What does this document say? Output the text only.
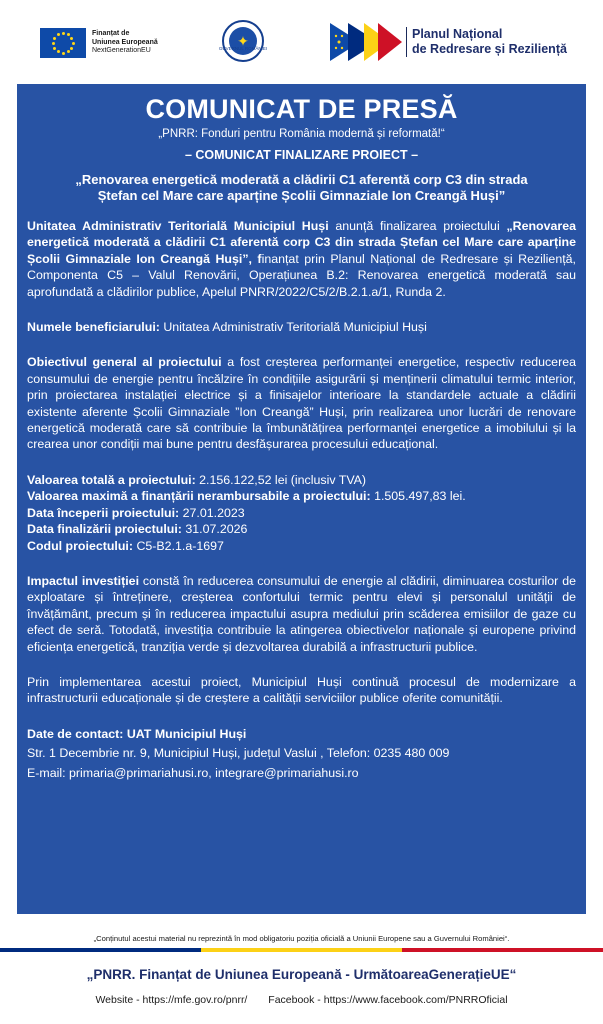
Finanțat de
Uniunea Europeană
NextGenerationEU
✦
GUVERNUL ROMÂNIEI
Planul Național
de Redresare și Reziliență
COMUNICAT DE PRESĂ
„PNRR: Fonduri pentru România modernă și reformată!“
– COMUNICAT FINALIZARE PROIECT –
„Renovarea energetică moderată a clădirii C1 aferentă corp C3 din strada Ștefan cel Mare care aparține Școlii Gimnaziale Ion Creangă Huși”

Unitatea Administrativ Teritorială Municipiul Huși anunță finalizarea proiectului „Renovarea energetică moderată a clădirii C1 aferentă corp C3 din strada Ștefan cel Mare care aparține Școlii Gimnaziale Ion Creangă Huși”, finanțat prin Planul Național de Redresare și Reziliență, Componenta C5 – Valul Renovării, Operațiunea B.2: Renovarea energetică moderată sau aprofundată a clădirilor publice, Apelul PNRR/2022/C5/2/B.2.1.a/1, Runda 2.

Numele beneficiarului: Unitatea Administrativ Teritorială Municipiul Huși

Obiectivul general al proiectului a fost creșterea performanței energetice, respectiv reducerea consumului de energie pentru încălzire în condițiile asigurării și menținerii climatului termic interior, prin proiectarea instalației electrice și a finisajelor interioare la standardele actuale a clădirii existente aferente Școlii Gimnaziale ”Ion Creangă” Huși, prin realizarea unor lucrări de renovare energetică moderată care să contribuie la îmbunătățirea performanței energetice a imobilului și la crearea unor condiții mai bune pentru desfășurarea procesului educațional.

Valoarea totală a proiectului: 2.156.122,52 lei (inclusiv TVA)

Valoarea maximă a finanțării nerambursabile a proiectului: 1.505.497,83 lei.

Data începerii proiectului: 27.01.2023

Data finalizării proiectului: 31.07.2026

Codul proiectului: C5-B2.1.a-1697

Impactul investiției constă în reducerea consumului de energie al clădirii, diminuarea costurilor de exploatare și întreținere, creșterea confortului termic pentru elevi și personalul unității de învățământ, precum și în reducerea impactului asupra mediului prin scăderea emisiilor de gaze cu efect de seră. Totodată, investiția contribuie la atingerea obiectivelor naționale și europene privind eficiența energetică, tranziția verde și dezvoltarea durabilă a infrastructurii publice.

Prin implementarea acestui proiect, Municipiul Huși continuă procesul de modernizare a infrastructurii educaționale și de creștere a calității serviciilor publice oferite comunității.

Date de contact: UAT Municipiul Huși

Str. 1 Decembrie nr. 9, Municipiul Huși, județul Vaslui , Telefon: 0235 480 009

E-mail: primaria@primariahusi.ro, integrare@primariahusi.ro

„Conținutul acestui material nu reprezintă în mod obligatoriu poziția oficială a Uniunii Europene sau a Guvernului României“.
„PNRR. Finanțat de Uniunea Europeană - UrmătoareaGenerațieUE“
Website - https://mfe.gov.ro/pnrr/ Facebook - https://www.facebook.com/PNRROficial
